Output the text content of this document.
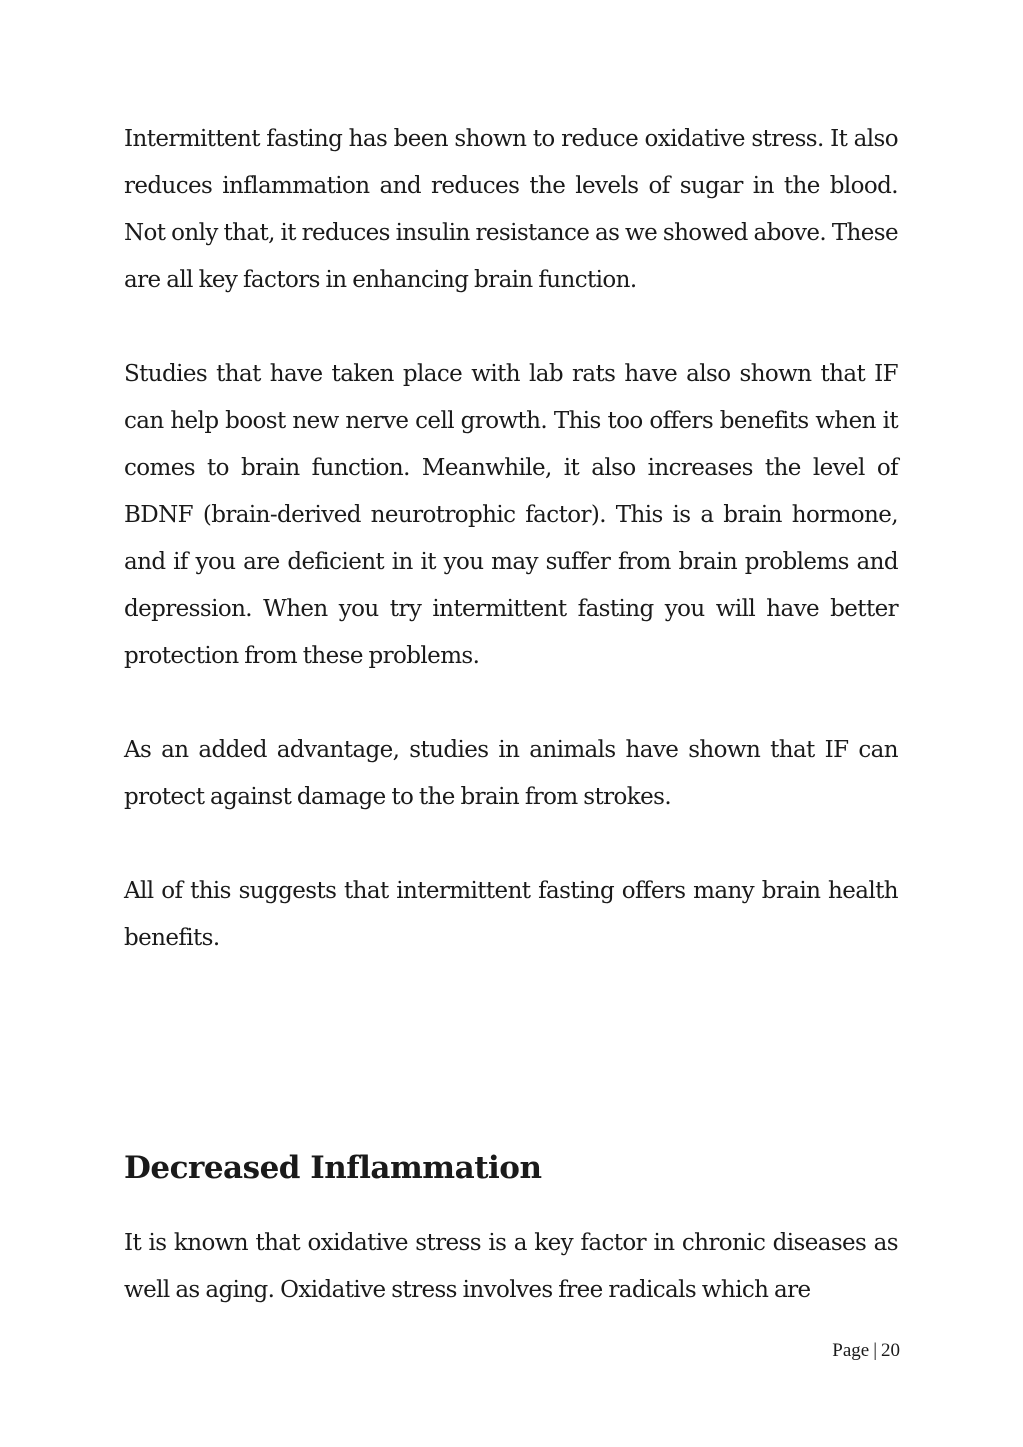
Intermittent fasting has been shown to reduce oxidative stress. It also reduces inflammation and reduces the levels of sugar in the blood. Not only that, it reduces insulin resistance as we showed above. These are all key factors in enhancing brain function.

Studies that have taken place with lab rats have also shown that IF can help boost new nerve cell growth. This too offers benefits when it comes to brain function. Meanwhile, it also increases the level of BDNF (brain-derived neurotrophic factor). This is a brain hormone, and if you are deficient in it you may suffer from brain problems and depression. When you try intermittent fasting you will have better protection from these problems.

As an added advantage, studies in animals have shown that IF can protect against damage to the brain from strokes.

All of this suggests that intermittent fasting offers many brain health benefits.

Decreased Inflammation

It is known that oxidative stress is a key factor in chronic diseases as well as aging. Oxidative stress involves free radicals which are

Page | 20
